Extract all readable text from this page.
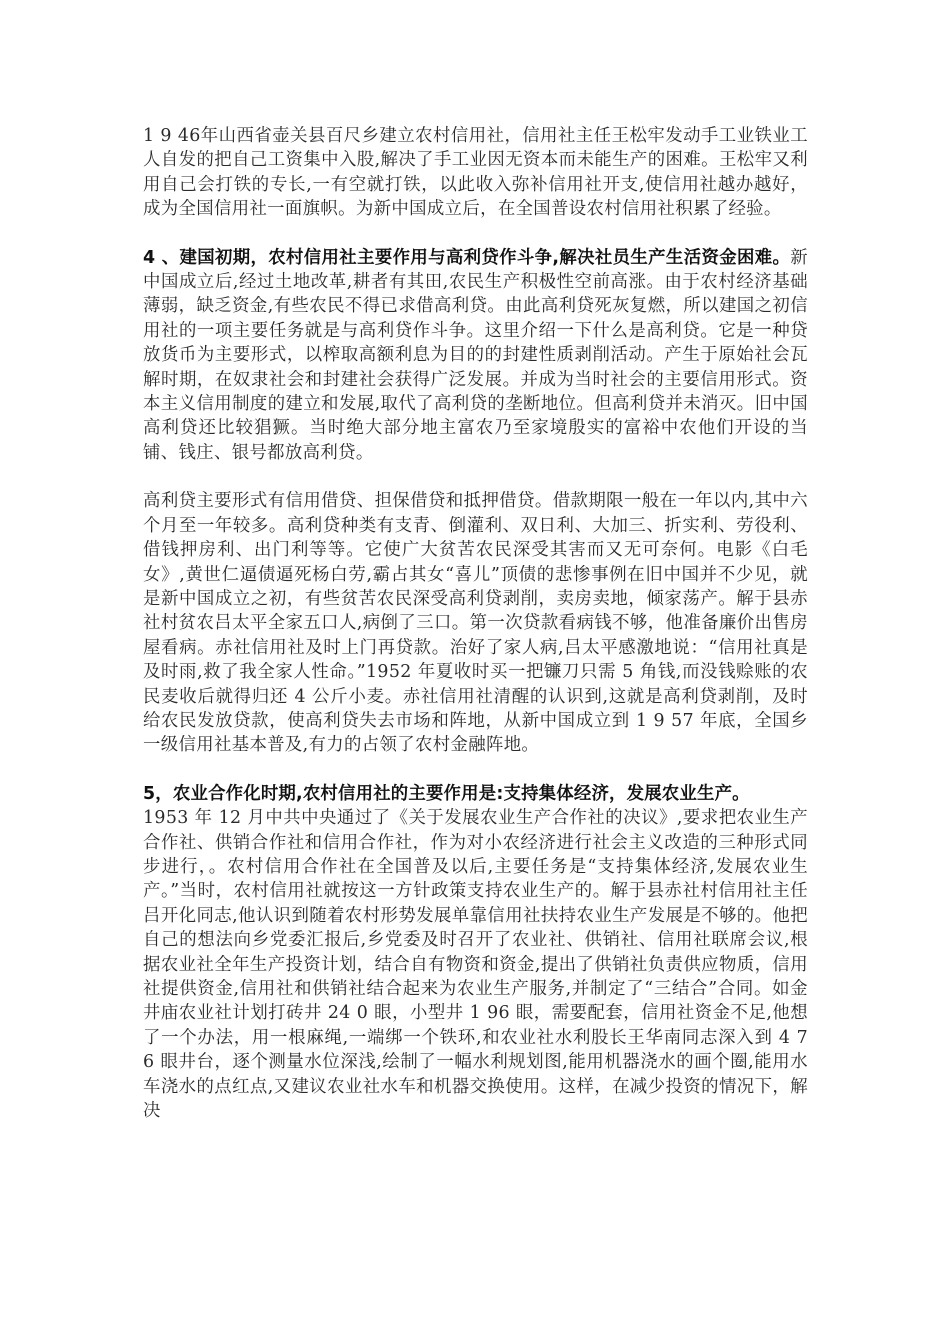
1 9 46年山西省壶关县百尺乡建立农村信用社，信用社主任王松牢发动手工业铁业工人自发的把自己工资集中入股,解决了手工业因无资本而未能生产的困难。王松牢又利用自己会打铁的专长,一有空就打铁，以此收入弥补信用社开支,使信用社越办越好，成为全国信用社一面旗帜。为新中国成立后，在全国普设农村信用社积累了经验。

4 、建国初期，农村信用社主要作用与高利贷作斗争,解决社员生产生活资金困难。新中国成立后,经过土地改革,耕者有其田,农民生产积极性空前高涨。由于农村经济基础薄弱，缺乏资金,有些农民不得已求借高利贷。由此高利贷死灰复燃，所以建国之初信用社的一项主要任务就是与高利贷作斗争。这里介绍一下什么是高利贷。它是一种贷放货币为主要形式，以榨取高额利息为目的的封建性质剥削活动。产生于原始社会瓦解时期，在奴隶社会和封建社会获得广泛发展。并成为当时社会的主要信用形式。资本主义信用制度的建立和发展,取代了高利贷的垄断地位。但高利贷并未消灭。旧中国高利贷还比较猖獗。当时绝大部分地主富农乃至家境殷实的富裕中农他们开设的当铺、钱庄、银号都放高利贷。

高利贷主要形式有信用借贷、担保借贷和抵押借贷。借款期限一般在一年以内,其中六个月至一年较多。高利贷种类有支青、倒灌利、双日利、大加三、折实利、劳役利、借钱押房利、出门利等等。它使广大贫苦农民深受其害而又无可奈何。电影《白毛女》,黄世仁逼债逼死杨白劳,霸占其女“喜儿”顶债的悲惨事例在旧中国并不少见，就是新中国成立之初，有些贫苦农民深受高利贷剥削，卖房卖地，倾家荡产。解于县赤社村贫农吕太平全家五口人,病倒了三口。第一次贷款看病钱不够，他准备廉价出售房屋看病。赤社信用社及时上门再贷款。治好了家人病,吕太平感激地说：“信用社真是及时雨,救了我全家人性命。”1952 年夏收时买一把镰刀只需 5 角钱,而没钱赊账的农民麦收后就得归还 4 公斤小麦。赤社信用社清醒的认识到,这就是高利贷剥削，及时给农民发放贷款，使高利贷失去市场和阵地，从新中国成立到 1 9 57 年底，全国乡一级信用社基本普及,有力的占领了农村金融阵地。

5，农业合作化时期,农村信用社的主要作用是:支持集体经济，发展农业生产。
1953 年 12 月中共中央通过了《关于发展农业生产合作社的决议》,要求把农业生产合作社、供销合作社和信用合作社，作为对小农经济进行社会主义改造的三种形式同步进行，。农村信用合作社在全国普及以后,主要任务是“支持集体经济,发展农业生产。”当时，农村信用社就按这一方针政策支持农业生产的。解于县赤社村信用社主任吕开化同志,他认识到随着农村形势发展单靠信用社扶持农业生产发展是不够的。他把自己的想法向乡党委汇报后,乡党委及时召开了农业社、供销社、信用社联席会议,根据农业社全年生产投资计划，结合自有物资和资金,提出了供销社负责供应物质，信用社提供资金,信用社和供销社结合起来为农业生产服务,并制定了“三结合”合同。如金井庙农业社计划打砖井 24 0 眼，小型井 1 96 眼，需要配套，信用社资金不足,他想了一个办法，用一根麻绳,一端绑一个铁环,和农业社水利股长王华南同志深入到 4 7 6 眼井台，逐个测量水位深浅,绘制了一幅水利规划图,能用机器浇水的画个圈,能用水车浇水的点红点,又建议农业社水车和机器交换使用。这样，在减少投资的情况下，解决
